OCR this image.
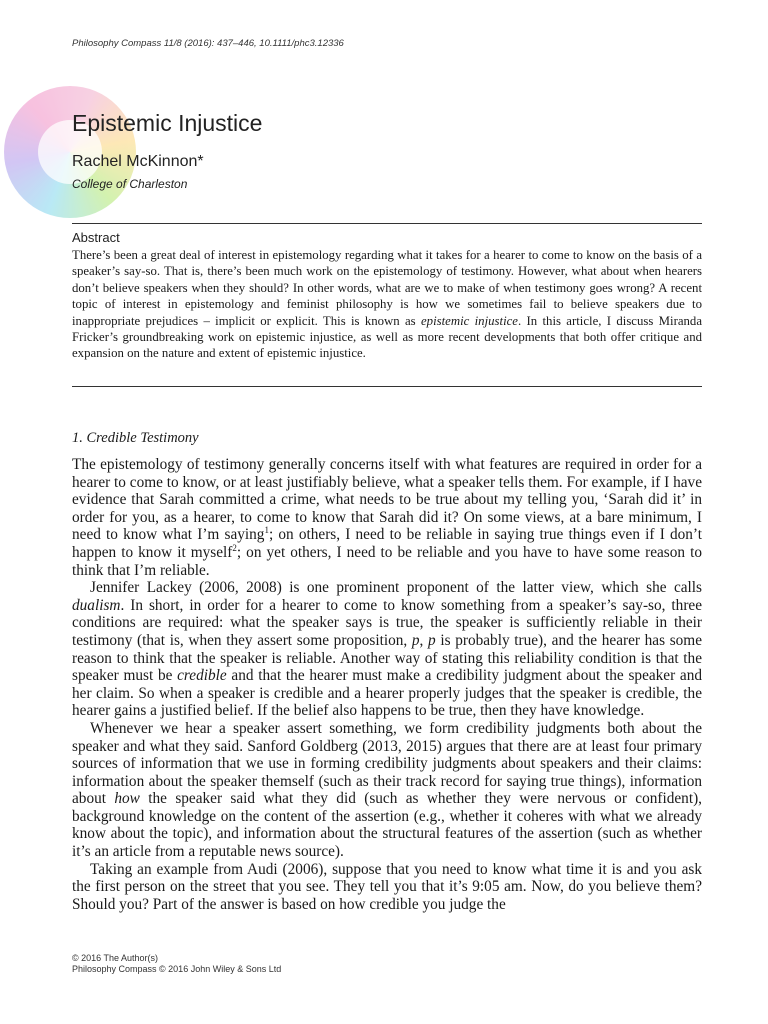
Philosophy Compass 11/8 (2016): 437–446, 10.1111/phc3.12336
Epistemic Injustice
Rachel McKinnon*
College of Charleston
Abstract

There’s been a great deal of interest in epistemology regarding what it takes for a hearer to come to know on the basis of a speaker’s say-so. That is, there’s been much work on the epistemology of testimony. However, what about when hearers don’t believe speakers when they should? In other words, what are we to make of when testimony goes wrong? A recent topic of interest in epistemology and feminist philosophy is how we sometimes fail to believe speakers due to inappropriate prejudices – implicit or explicit. This is known as epistemic injustice. In this article, I discuss Miranda Fricker’s groundbreaking work on epistemic injustice, as well as more recent developments that both offer critique and expansion on the nature and extent of epistemic injustice.

1. Credible Testimony

The epistemology of testimony generally concerns itself with what features are required in order for a hearer to come to know, or at least justifiably believe, what a speaker tells them. For example, if I have evidence that Sarah committed a crime, what needs to be true about my telling you, ‘Sarah did it’ in order for you, as a hearer, to come to know that Sarah did it? On some views, at a bare minimum, I need to know what I’m saying$^1$; on others, I need to be reliable in saying true things even if I don’t happen to know it myself$^2$; on yet others, I need to be reliable and you have to have some reason to think that I’m reliable.

Jennifer Lackey (2006, 2008) is one prominent proponent of the latter view, which she calls dualism. In short, in order for a hearer to come to know something from a speaker’s say-so, three conditions are required: what the speaker says is true, the speaker is sufficiently reliable in their testimony (that is, when they assert some proposition, p, p is probably true), and the hearer has some reason to think that the speaker is reliable. Another way of stating this reliability condition is that the speaker must be credible and that the hearer must make a credibility judgment about the speaker and her claim. So when a speaker is credible and a hearer properly judges that the speaker is credible, the hearer gains a justified belief. If the belief also happens to be true, then they have knowledge.

Whenever we hear a speaker assert something, we form credibility judgments both about the speaker and what they said. Sanford Goldberg (2013, 2015) argues that there are at least four primary sources of information that we use in forming credibility judgments about speakers and their claims: information about the speaker themself (such as their track record for saying true things), information about how the speaker said what they did (such as whether they were nervous or confident), background knowledge on the content of the assertion (e.g., whether it coheres with what we already know about the topic), and information about the structural features of the assertion (such as whether it’s an article from a reputable news source).

Taking an example from Audi (2006), suppose that you need to know what time it is and you ask the first person on the street that you see. They tell you that it’s 9:05 am. Now, do you believe them? Should you? Part of the answer is based on how credible you judge the

© 2016 The Author(s)
Philosophy Compass © 2016 John Wiley & Sons Ltd
